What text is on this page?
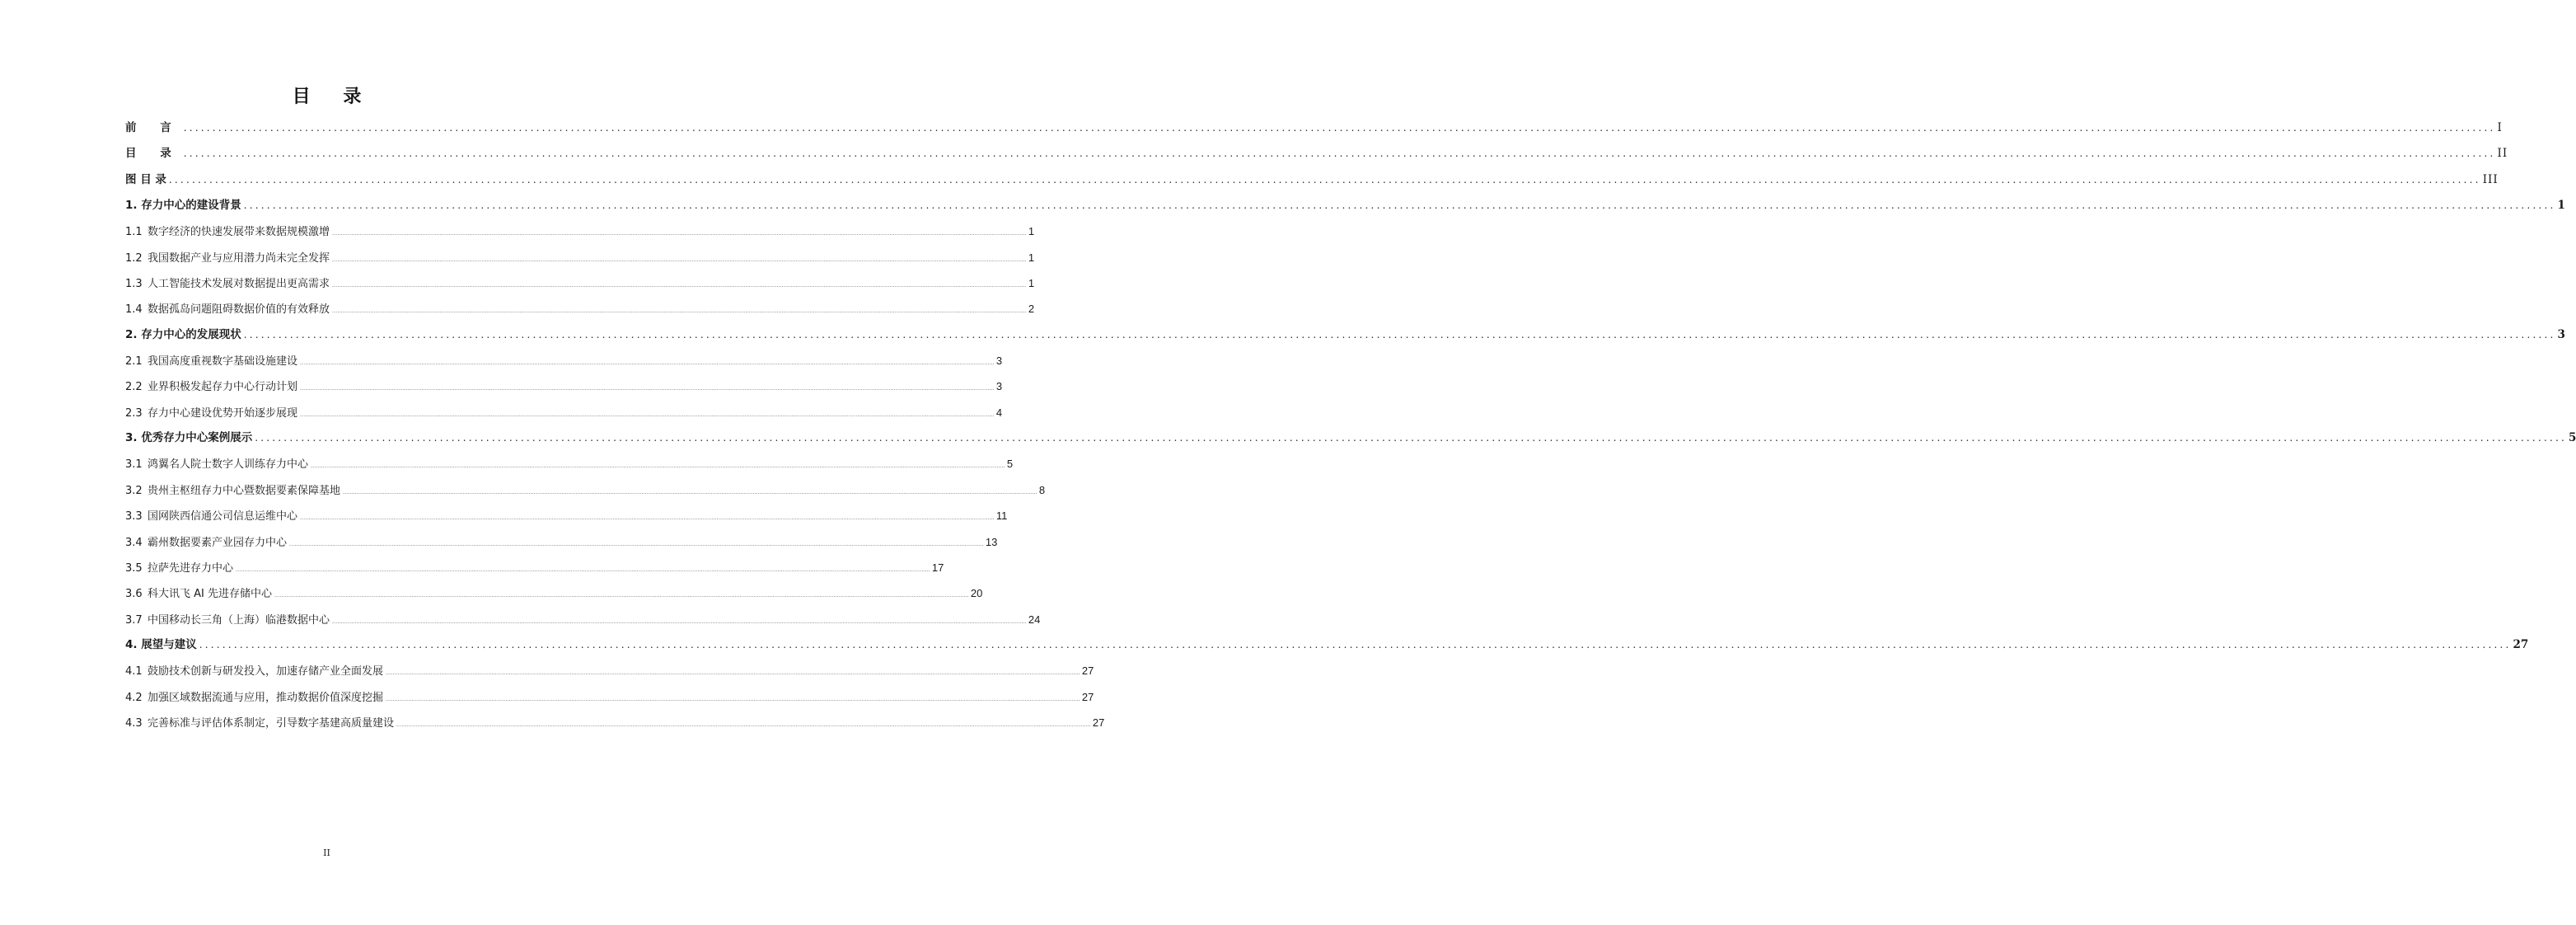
目 录
前 言 ................................................................................................................................................................................................................................................................................................................................................................................................................ I
目 录 ................................................................................................................................................................................................................................................................................................................................................................................................................ II
图 目 录 ................................................................................................................................................................................................................................................................................................................................................................................................................ III
1. 存力中心的建设背景 ................................................................................................................................................................................................................................................................................................................................................................................................................ 1
1.1 数字经济的快速发展带来数据规模激增 ................................................................................................................................................................................................................................................................................................................................................................................................................ 1
1.2 我国数据产业与应用潜力尚未完全发挥 ................................................................................................................................................................................................................................................................................................................................................................................................................ 1
1.3 人工智能技术发展对数据提出更高需求 ................................................................................................................................................................................................................................................................................................................................................................................................................ 1
1.4 数据孤岛问题阻碍数据价值的有效释放 ................................................................................................................................................................................................................................................................................................................................................................................................................ 2
2. 存力中心的发展现状 ................................................................................................................................................................................................................................................................................................................................................................................................................ 3
2.1 我国高度重视数字基础设施建设 ................................................................................................................................................................................................................................................................................................................................................................................................................ 3
2.2 业界积极发起存力中心行动计划 ................................................................................................................................................................................................................................................................................................................................................................................................................ 3
2.3 存力中心建设优势开始逐步展现 ................................................................................................................................................................................................................................................................................................................................................................................................................ 4
3. 优秀存力中心案例展示 ................................................................................................................................................................................................................................................................................................................................................................................................................ 5
3.1 鸿翼名人院士数字人训练存力中心 ................................................................................................................................................................................................................................................................................................................................................................................................................ 5
3.2 贵州主枢纽存力中心暨数据要素保障基地 ................................................................................................................................................................................................................................................................................................................................................................................................................ 8
3.3 国网陕西信通公司信息运维中心 ................................................................................................................................................................................................................................................................................................................................................................................................................ 11
3.4 霸州数据要素产业园存力中心 ................................................................................................................................................................................................................................................................................................................................................................................................................ 13
3.5 拉萨先进存力中心 ................................................................................................................................................................................................................................................................................................................................................................................................................ 17
3.6 科大讯飞 AI 先进存储中心 ................................................................................................................................................................................................................................................................................................................................................................................................................ 20
3.7 中国移动长三角（上海）临港数据中心 ................................................................................................................................................................................................................................................................................................................................................................................................................ 24
4. 展望与建议 ................................................................................................................................................................................................................................................................................................................................................................................................................ 27
4.1 鼓励技术创新与研发投入，加速存储产业全面发展 ................................................................................................................................................................................................................................................................................................................................................................................................................ 27
4.2 加强区域数据流通与应用，推动数据价值深度挖掘 ................................................................................................................................................................................................................................................................................................................................................................................................................ 27
4.3 完善标准与评估体系制定，引导数字基建高质量建设 ................................................................................................................................................................................................................................................................................................................................................................................................................ 27
II
